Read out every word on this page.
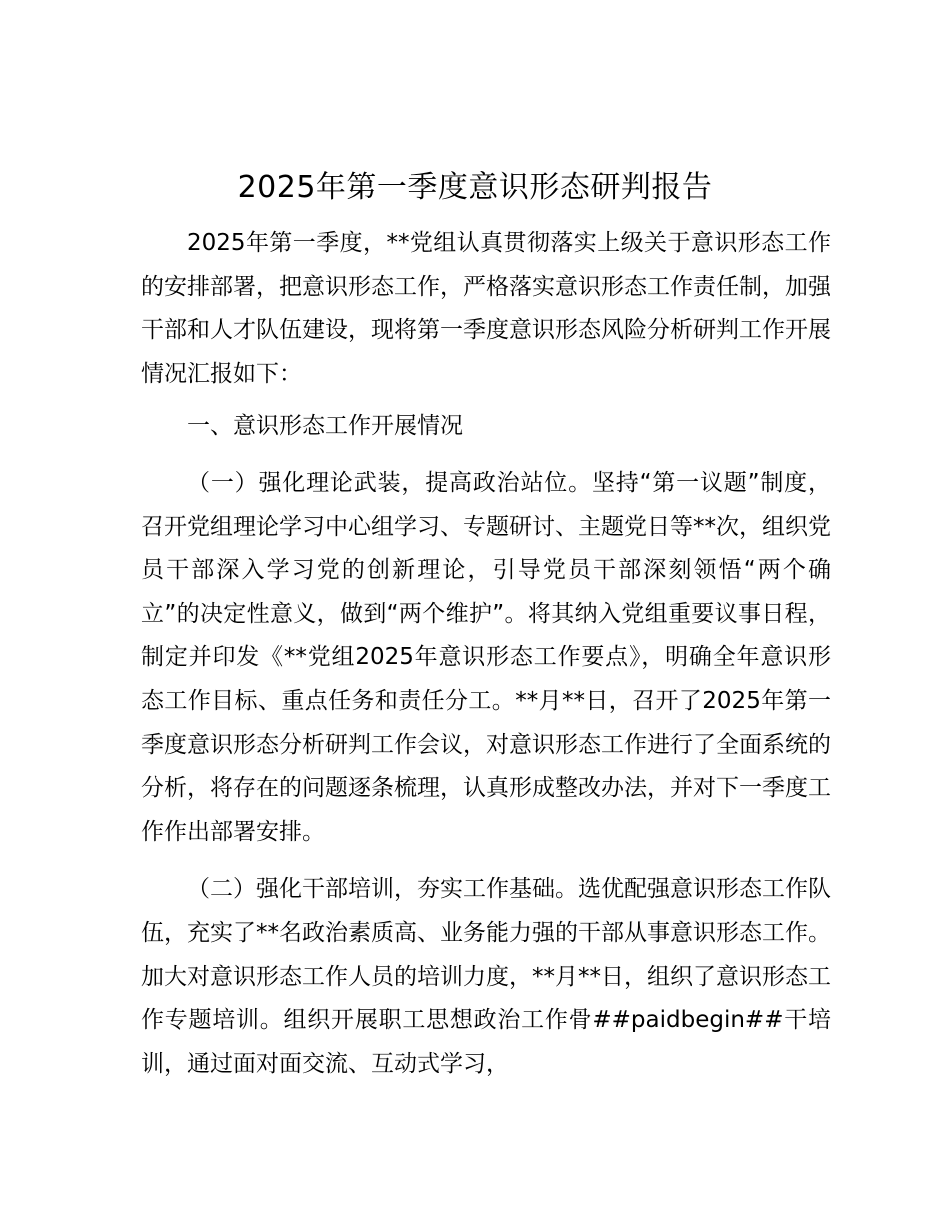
2025年第一季度意识形态研判报告

2025年第一季度，**党组认真贯彻落实上级关于意识形态工作的安排部署，把意识形态工作，严格落实意识形态工作责任制，加强干部和人才队伍建设，现将第一季度意识形态风险分析研判工作开展情况汇报如下：

一、意识形态工作开展情况

（一）强化理论武装，提高政治站位。坚持“第一议题”制度，召开党组理论学习中心组学习、专题研讨、主题党日等**次，组织党员干部深入学习党的创新理论，引导党员干部深刻领悟“两个确立”的决定性意义，做到“两个维护”。将其纳入党组重要议事日程，制定并印发《**党组2025年意识形态工作要点》，明确全年意识形态工作目标、重点任务和责任分工。**月**日，召开了2025年第一季度意识形态分析研判工作会议，对意识形态工作进行了全面系统的分析，将存在的问题逐条梳理，认真形成整改办法，并对下一季度工作作出部署安排。

（二）强化干部培训，夯实工作基础。选优配强意识形态工作队伍，充实了**名政治素质高、业务能力强的干部从事意识形态工作。加大对意识形态工作人员的培训力度，**月**日，组织了意识形态工作专题培训。组织开展职工思想政治工作骨##paidbegin##干培训，通过面对面交流、互动式学习，
